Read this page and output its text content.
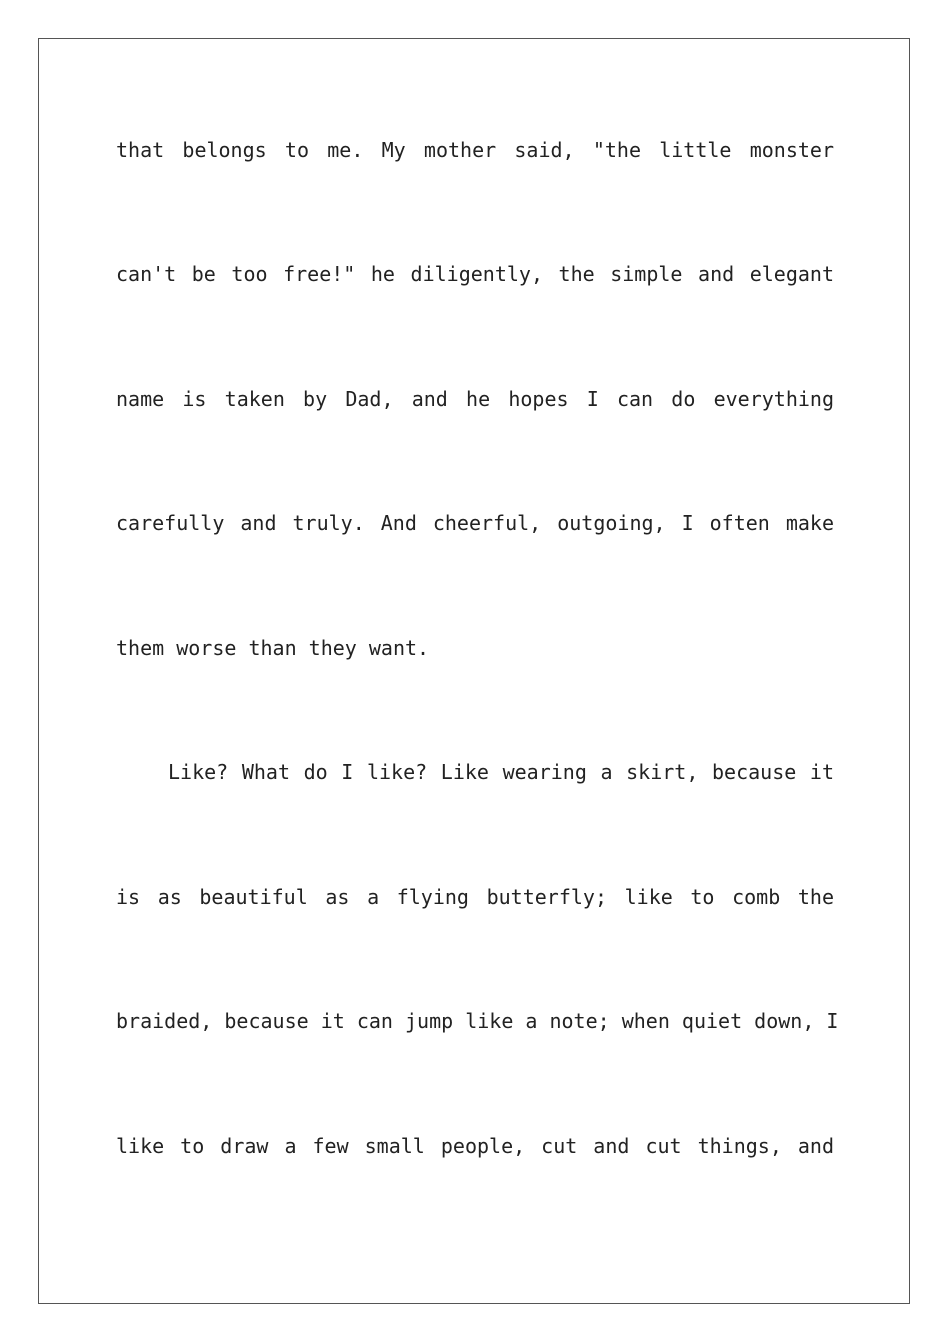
that belongs to me. My mother said, "the little monster
can't be too free!" he diligently, the simple and elegant
name is taken by Dad, and he hopes I can do everything
carefully and truly. And cheerful, outgoing, I often make
them worse than they want.
Like? What do I like? Like wearing a skirt, because it
is as beautiful as a flying butterfly; like to comb the
braided, because it can jump like a note; when quiet down, I
like to draw a few small people, cut and cut things, and
